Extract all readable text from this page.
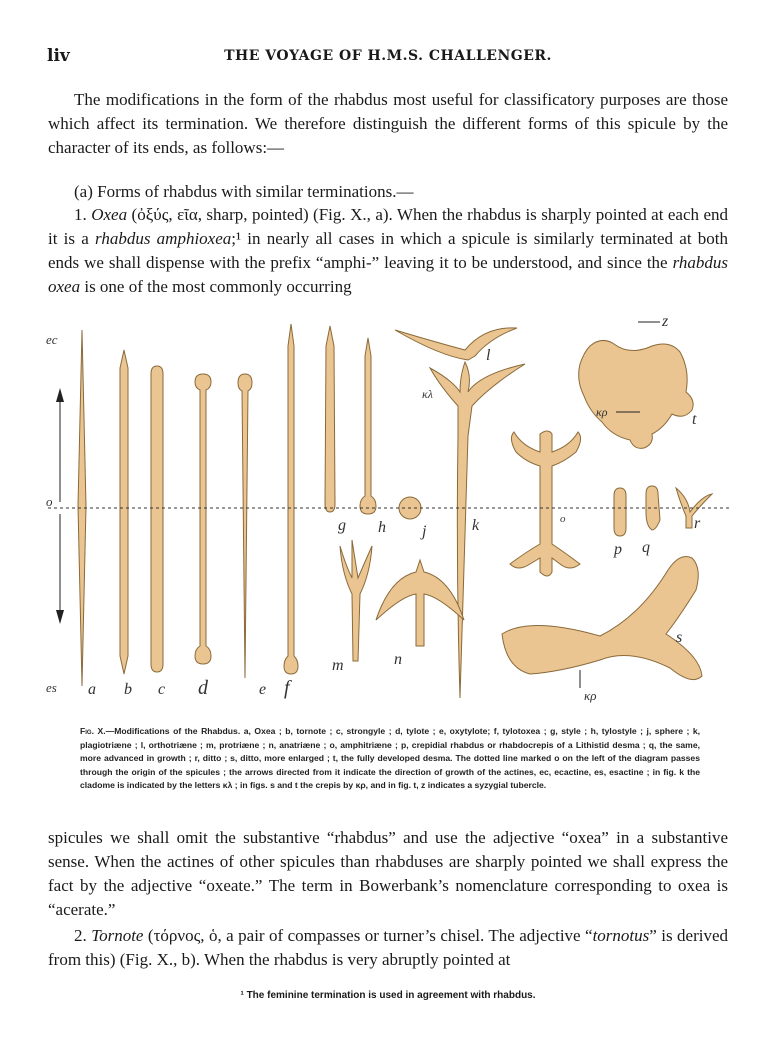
liv	THE VOYAGE OF H.M.S. CHALLENGER.

The modifications in the form of the rhabdus most useful for classificatory purposes are those which affect its termination. We therefore distinguish the different forms of this spicule by the character of its ends, as follows:—

(a) Forms of rhabdus with similar terminations.—

1. Oxea (ὀξύς, εῖα, sharp, pointed) (Fig. X., a). When the rhabdus is sharply pointed at each end it is a rhabdus amphioxea;¹ in nearly all cases in which a spicule is similarly terminated at both ends we shall dispense with the prefix “amphi-” leaving it to be understood, and since the rhabdus oxea is one of the most commonly occurring

ec
o
es a b c d	e f
g h j	k
l
m	n
o
p q
r
s
t
z
κλ
κρ
κρ
Fig. X.—Modifications of the Rhabdus. a, Oxea ; b, tornote ; c, strongyle ; d, tylote ; e, oxytylote; f, tylotoxea ; g, style ; h, tylostyle ; j, sphere ; k, plagiotriæne ; l, orthotriæne ; m, protriæne ; n, anatriæne ; o, amphitriæne ; p, crepidial rhabdus or rhabdocrepis of a Lithistid desma ; q, the same, more advanced in growth ; r, ditto ; s, ditto, more enlarged ; t, the fully developed desma. The dotted line marked o on the left of the diagram passes through the origin of the spicules ; the arrows directed from it indicate the direction of growth of the actines, ec, ecactine, es, esactine ; in fig. k the cladome is indicated by the letters κλ ; in figs. s and t the crepis by κρ, and in fig. t, z indicates a syzygial tubercle.

spicules we shall omit the substantive “rhabdus” and use the adjective “oxea” in a substantive sense. When the actines of other spicules than rhabduses are sharply pointed we shall express the fact by the adjective “oxeate.” The term in Bowerbank’s nomenclature corresponding to oxea is “acerate.”

2. Tornote (τόρνος, ὁ, a pair of compasses or turner’s chisel. The adjective “tornotus” is derived from this) (Fig. X., b). When the rhabdus is very abruptly pointed at

¹ The feminine termination is used in agreement with rhabdus.
